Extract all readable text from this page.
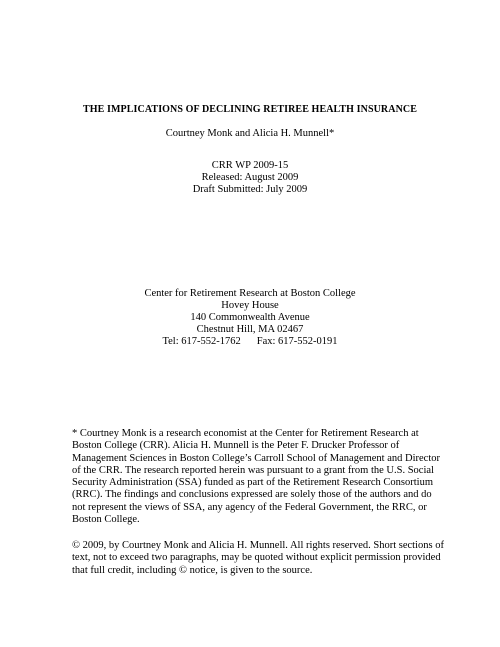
THE IMPLICATIONS OF DECLINING RETIREE HEALTH INSURANCE
Courtney Monk and Alicia H. Munnell*
CRR WP 2009-15
Released: August 2009
Draft Submitted: July 2009
Center for Retirement Research at Boston College
Hovey House
140 Commonwealth Avenue
Chestnut Hill, MA 02467
Tel: 617-552-1762 Fax: 617-552-0191
* Courtney Monk is a research economist at the Center for Retirement Research at
Boston College (CRR). Alicia H. Munnell is the Peter F. Drucker Professor of
Management Sciences in Boston College’s Carroll School of Management and Director
of the CRR. The research reported herein was pursuant to a grant from the U.S. Social
Security Administration (SSA) funded as part of the Retirement Research Consortium
(RRC). The findings and conclusions expressed are solely those of the authors and do
not represent the views of SSA, any agency of the Federal Government, the RRC, or
Boston College.
© 2009, by Courtney Monk and Alicia H. Munnell. All rights reserved. Short sections of
text, not to exceed two paragraphs, may be quoted without explicit permission provided
that full credit, including © notice, is given to the source.
